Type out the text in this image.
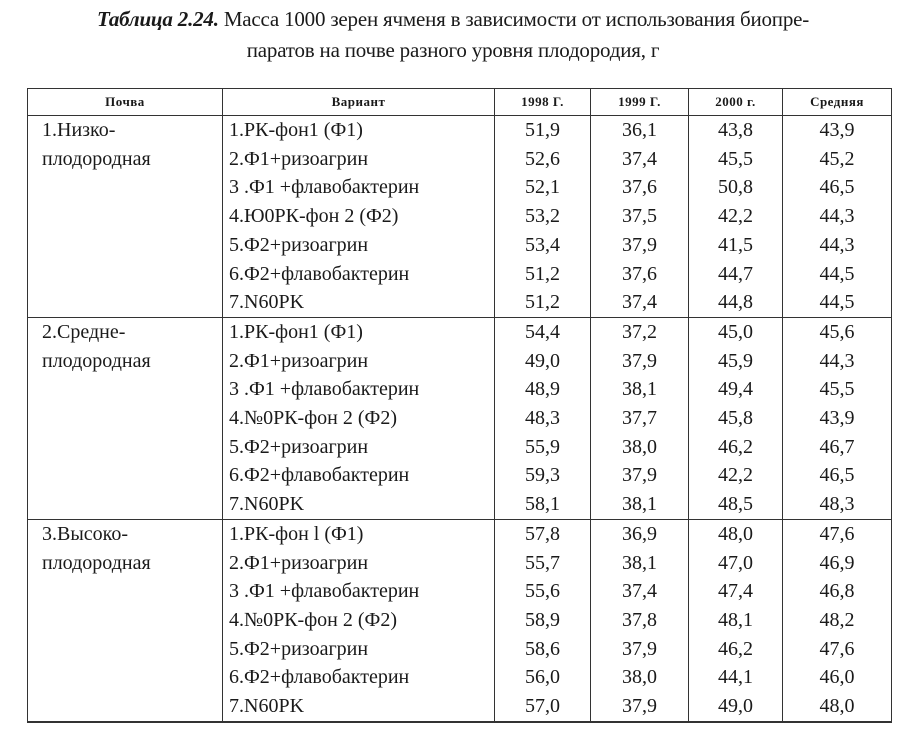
Таблица 2.24. Масса 1000 зерен ячменя в зависимости от использования биопре-
паратов на почве разного уровня плодородия, г
Почва	Вариант	1998 Г.	1999 Г.	2000 г.	Средняя
1.Низко-	1.РК-фон1 (Ф1)	51,9	36,1	43,8	43,9
плодородная	2.Ф1+ризоагрин	52,6	37,4	45,5	45,2
	3 .Ф1 +флавобактерин	52,1	37,6	50,8	46,5
	4.Ю0РК-фон 2 (Ф2)	53,2	37,5	42,2	44,3
	5.Ф2+ризоагрин	53,4	37,9	41,5	44,3
	6.Ф2+флавобактерин	51,2	37,6	44,7	44,5
	7.N60PK	51,2	37,4	44,8	44,5
2.Средне-	1.РК-фон1 (Ф1)	54,4	37,2	45,0	45,6
плодородная	2.Ф1+ризоагрин	49,0	37,9	45,9	44,3
	3 .Ф1 +флавобактерин	48,9	38,1	49,4	45,5
	4.№0РК-фон 2 (Ф2)	48,3	37,7	45,8	43,9
	5.Ф2+ризоагрин	55,9	38,0	46,2	46,7
	6.Ф2+флавобактерин	59,3	37,9	42,2	46,5
	7.N60PK	58,1	38,1	48,5	48,3
3.Высоко-	1.РК-фон l (Ф1)	57,8	36,9	48,0	47,6
плодородная	2.Ф1+ризоагрин	55,7	38,1	47,0	46,9
	3 .Ф1 +флавобактерин	55,6	37,4	47,4	46,8
	4.№0РК-фон 2 (Ф2)	58,9	37,8	48,1	48,2
	5.Ф2+ризоагрин	58,6	37,9	46,2	47,6
	6.Ф2+флавобактерин	56,0	38,0	44,1	46,0
	7.N60PK	57,0	37,9	49,0	48,0
